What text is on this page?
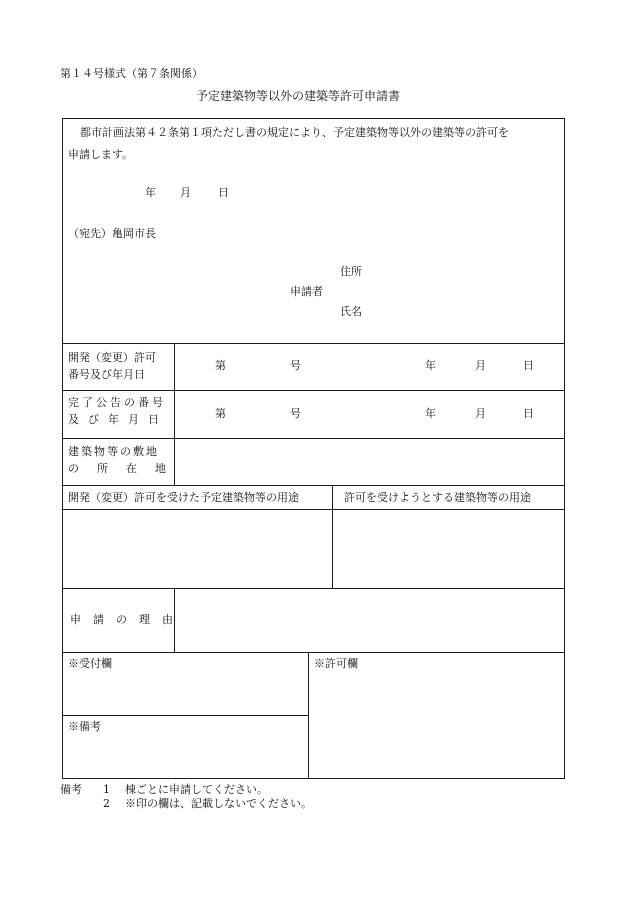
第１４号様式（第７条関係）
予定建築物等以外の建築等許可申請書
都市計画法第４２条第１項ただし書の規定により、予定建築物等以外の建築等の許可を
申請します。
年 月 日
（宛先）亀岡市長
住所
申請者
氏名
開発（変更）許可
番号及び年月日
第	号	年	月	日
完了公告の番号
及び年月日	第	号	年	月	日
建築物等の敷地
の所在地
開発（変更）許可を受けた予定建築物等の用途	許可を受けようとする建築物等の用途
申請の理由
※受付欄	※許可欄
※備考
備考 1 棟ごとに申請してください。
2 ※印の欄は、記載しないでください。
